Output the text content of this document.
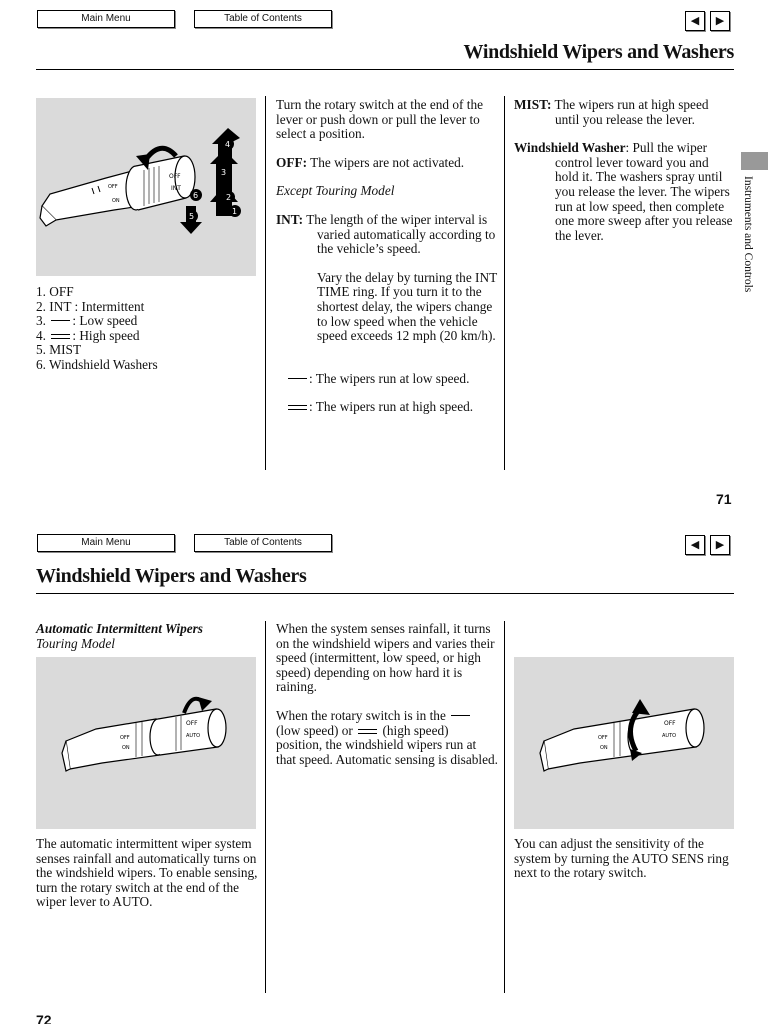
Main Menu	Table of Contents	◀	▶
Windshield Wipers and Washers
Instruments and Controls
OFF
ON
OFF
INT
4
3
2
1
5
6
1. OFF
2. INT : Intermittent
3. : Low speed
4. : High speed
5. MIST
6. Windshield Washers

Turn the rotary switch at the end of the lever or push down or pull the lever to select a position.

OFF: The wipers are not activated.

Except Touring Model

INT: The length of the wiper interval is varied automatically according to the vehicle’s speed.

Vary the delay by turning the INT TIME ring. If you turn it to the shortest delay, the wipers change to low speed when the vehicle speed exceeds 12 mph (20 km/h).

: The wipers run at low speed.

: The wipers run at high speed.

MIST: The wipers run at high speed until you release the lever.

Windshield Washer: Pull the wiper control lever toward you and hold it. The washers spray until you release the lever. The wipers run at low speed, then complete one more sweep after you release the lever.

71
Main Menu	Table of Contents	◀	▶
Windshield Wipers and Washers

Automatic Intermittent Wipers

Touring Model

OFF
ON
OFF
AUTO

The automatic intermittent wiper system senses rainfall and automatically turns on the windshield wipers. To enable sensing, turn the rotary switch at the end of the wiper lever to AUTO.

When the system senses rainfall, it turns on the windshield wipers and varies their speed (intermittent, low speed, or high speed) depending on how hard it is raining.

When the rotary switch is in the  (low speed) or (high speed) position, the windshield wipers run at that speed. Automatic sensing is disabled.

OFF
ON
OFF
AUTO

You can adjust the sensitivity of the system by turning the AUTO SENS ring next to the rotary switch.

72
